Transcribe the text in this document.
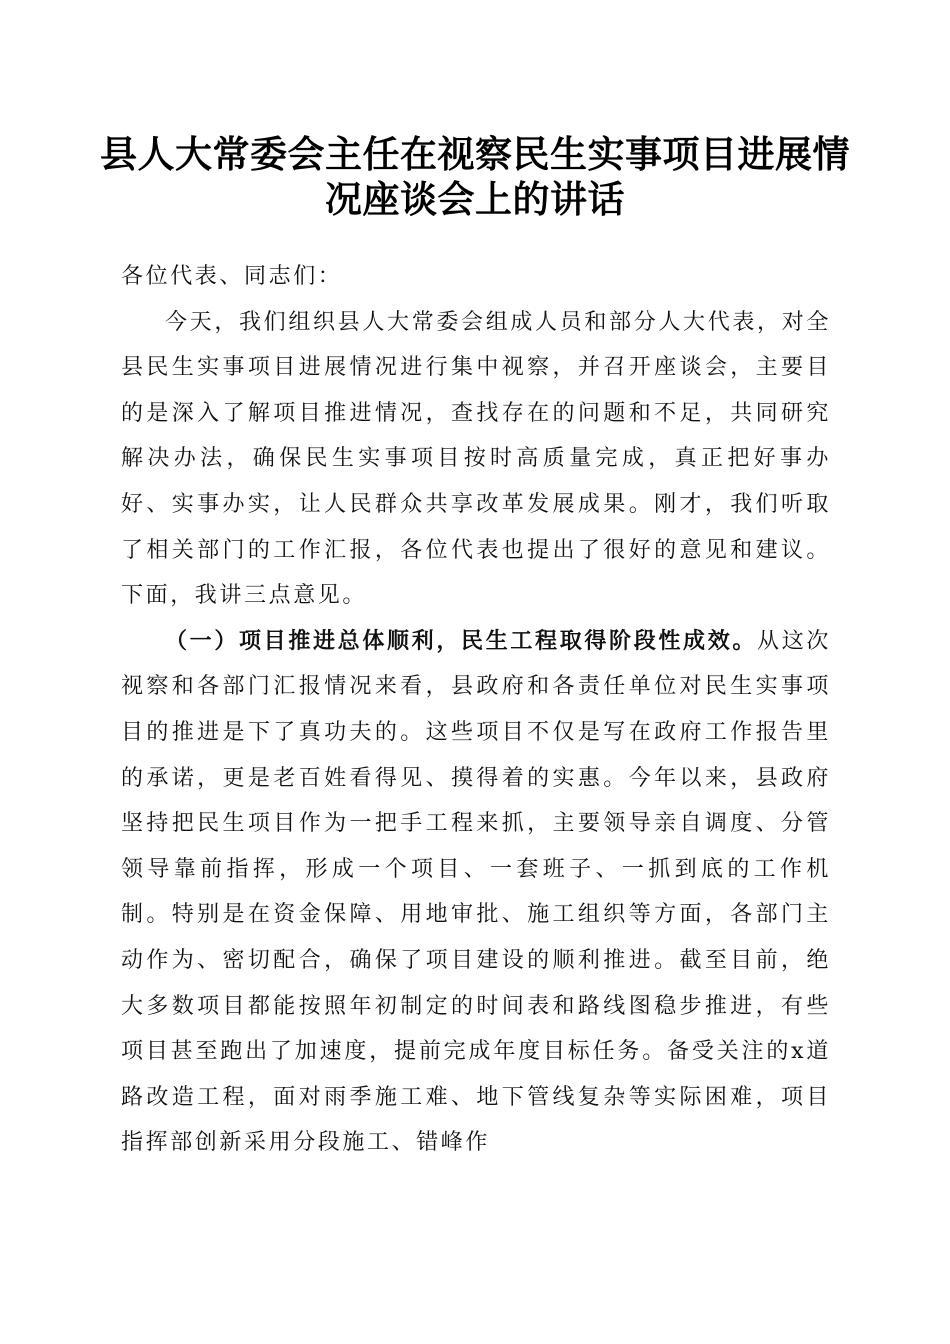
县人大常委会主任在视察民生实事项目进展情况座谈会上的讲话

各位代表、同志们：

今天，我们组织县人大常委会组成人员和部分人大代表，对全县民生实事项目进展情况进行集中视察，并召开座谈会，主要目的是深入了解项目推进情况，查找存在的问题和不足，共同研究解决办法，确保民生实事项目按时高质量完成，真正把好事办好、实事办实，让人民群众共享改革发展成果。刚才，我们听取了相关部门的工作汇报，各位代表也提出了很好的意见和建议。下面，我讲三点意见。

（一）项目推进总体顺利，民生工程取得阶段性成效。从这次视察和各部门汇报情况来看，县政府和各责任单位对民生实事项目的推进是下了真功夫的。这些项目不仅是写在政府工作报告里的承诺，更是老百姓看得见、摸得着的实惠。今年以来，县政府坚持把民生项目作为一把手工程来抓，主要领导亲自调度、分管领导靠前指挥，形成一个项目、一套班子、一抓到底的工作机制。特别是在资金保障、用地审批、施工组织等方面，各部门主动作为、密切配合，确保了项目建设的顺利推进。截至目前，绝大多数项目都能按照年初制定的时间表和路线图稳步推进，有些项目甚至跑出了加速度，提前完成年度目标任务。备受关注的x道路改造工程，面对雨季施工难、地下管线复杂等实际困难，项目指挥部创新采用分段施工、错峰作
